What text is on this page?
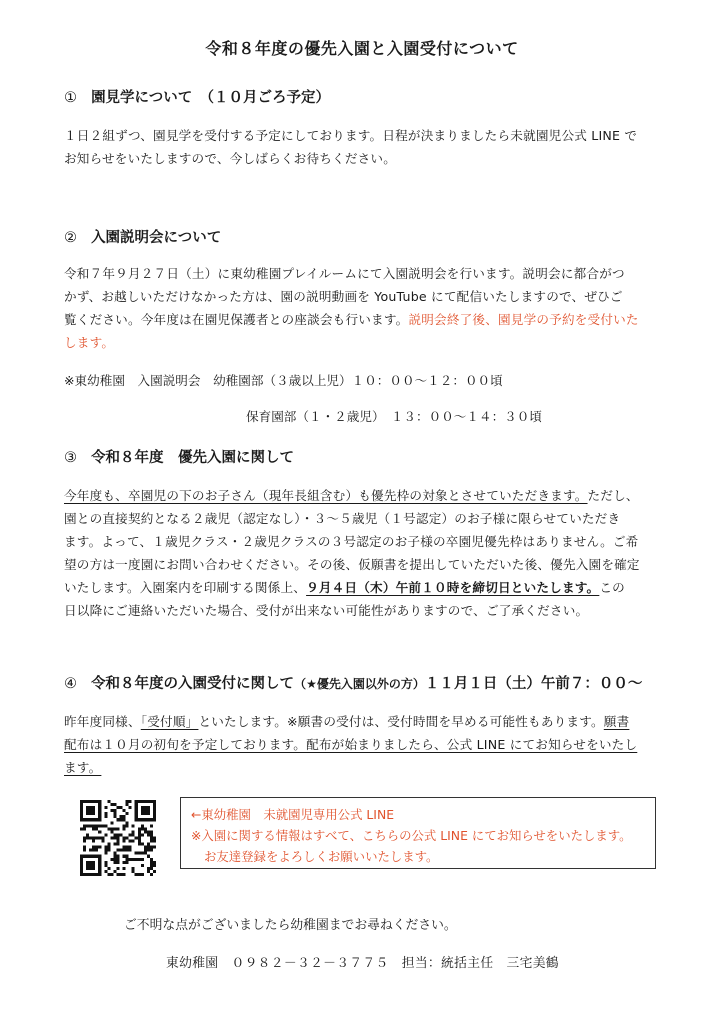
令和８年度の優先入園と入園受付について
① 園見学について　（１０月ごろ予定）
１日２組ずつ、園見学を受付する予定にしております。日程が決まりましたら未就園児公式 LINE で
お知らせをいたしますので、今しばらくお待ちください。
② 入園説明会について
令和７年９月２７日（土）に東幼稚園プレイルームにて入園説明会を行います。説明会に都合がつ
かず、お越しいただけなかった方は、園の説明動画を YouTube にて配信いたしますので、ぜひご
覧ください。今年度は在園児保護者との座談会も行います。説明会終了後、園見学の予約を受付いた
します。
※東幼稚園　入園説明会　幼稚園部（３歳以上児）１０：００～１２：００頃
保育園部（１・２歳児）　１３：００～１４：３０頃
③ 令和８年度　優先入園に関して
今年度も、卒園児の下のお子さん（現年長組含む）も優先枠の対象とさせていただきます。ただし、
園との直接契約となる２歳児（認定なし）・３～５歳児（１号認定）のお子様に限らせていただき
ます。よって、１歳児クラス・２歳児クラスの３号認定のお子様の卒園児優先枠はありません。ご希
望の方は一度園にお問い合わせください。その後、仮願書を提出していただいた後、優先入園を確定
いたします。入園案内を印刷する関係上、９月４日（木）午前１０時を締切日といたします。この
日以降にご連絡いただいた場合、受付が出来ない可能性がありますので、ご了承ください。
④ 令和８年度の入園受付に関して（★優先入園以外の方）１１月１日（土）午前７：００～
昨年度同様、「受付順」といたします。※願書の受付は、受付時間を早める可能性もあります。願書
配布は１０月の初旬を予定しております。配布が始まりましたら、公式 LINE にてお知らせをいたし
ます。
←東幼稚園　未就園児専用公式 LINE
※入園に関する情報はすべて、こちらの公式 LINE にてお知らせをいたします。
お友達登録をよろしくお願いいたします。
ご不明な点がございましたら幼稚園までお尋ねください。
東幼稚園　０９８２－３２－３７７５　担当：統括主任　三宅美鶴
